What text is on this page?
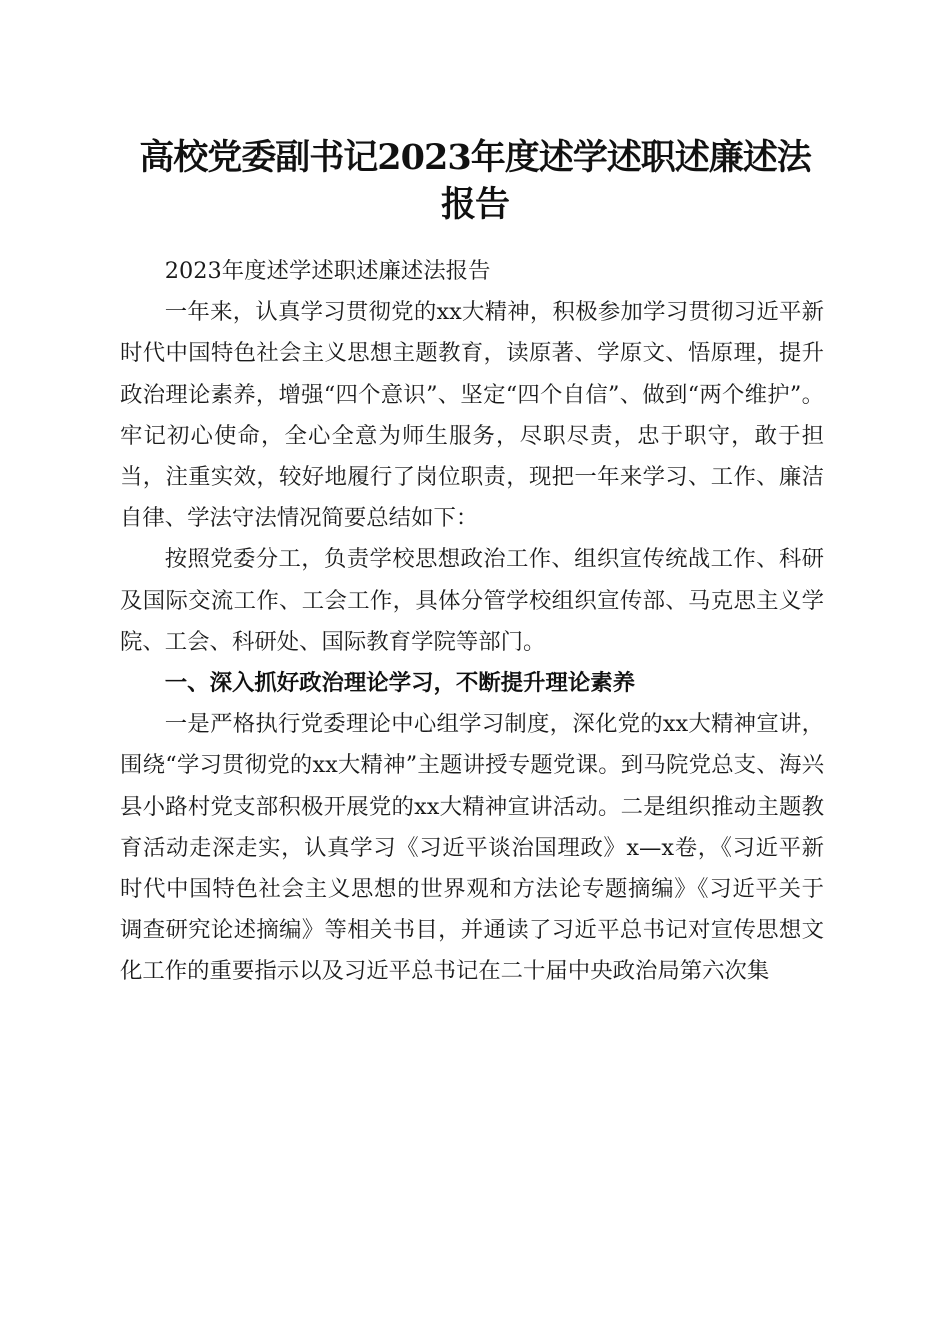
高校党委副书记2023年度述学述职述廉述法
报告

2023年度述学述职述廉述法报告

一年来，认真学习贯彻党的xx大精神，积极参加学习贯彻习近平新时代中国特色社会主义思想主题教育，读原著、学原文、悟原理，提升政治理论素养，增强“四个意识”、坚定“四个自信”、做到“两个维护”。牢记初心使命，全心全意为师生服务，尽职尽责，忠于职守，敢于担当，注重实效，较好地履行了岗位职责，现把一年来学习、工作、廉洁自律、学法守法情况简要总结如下：

按照党委分工，负责学校思想政治工作、组织宣传统战工作、科研及国际交流工作、工会工作，具体分管学校组织宣传部、马克思主义学院、工会、科研处、国际教育学院等部门。

一、深入抓好政治理论学习，不断提升理论素养

一是严格执行党委理论中心组学习制度，深化党的xx大精神宣讲，围绕“学习贯彻党的xx大精神”主题讲授专题党课。到马院党总支、海兴县小路村党支部积极开展党的xx大精神宣讲活动。二是组织推动主题教育活动走深走实，认真学习《习近平谈治国理政》x—x卷，《习近平新时代中国特色社会主义思想的世界观和方法论专题摘编》《习近平关于调查研究论述摘编》等相关书目，并通读了习近平总书记对宣传思想文化工作的重要指示以及习近平总书记在二十届中央政治局第六次集
